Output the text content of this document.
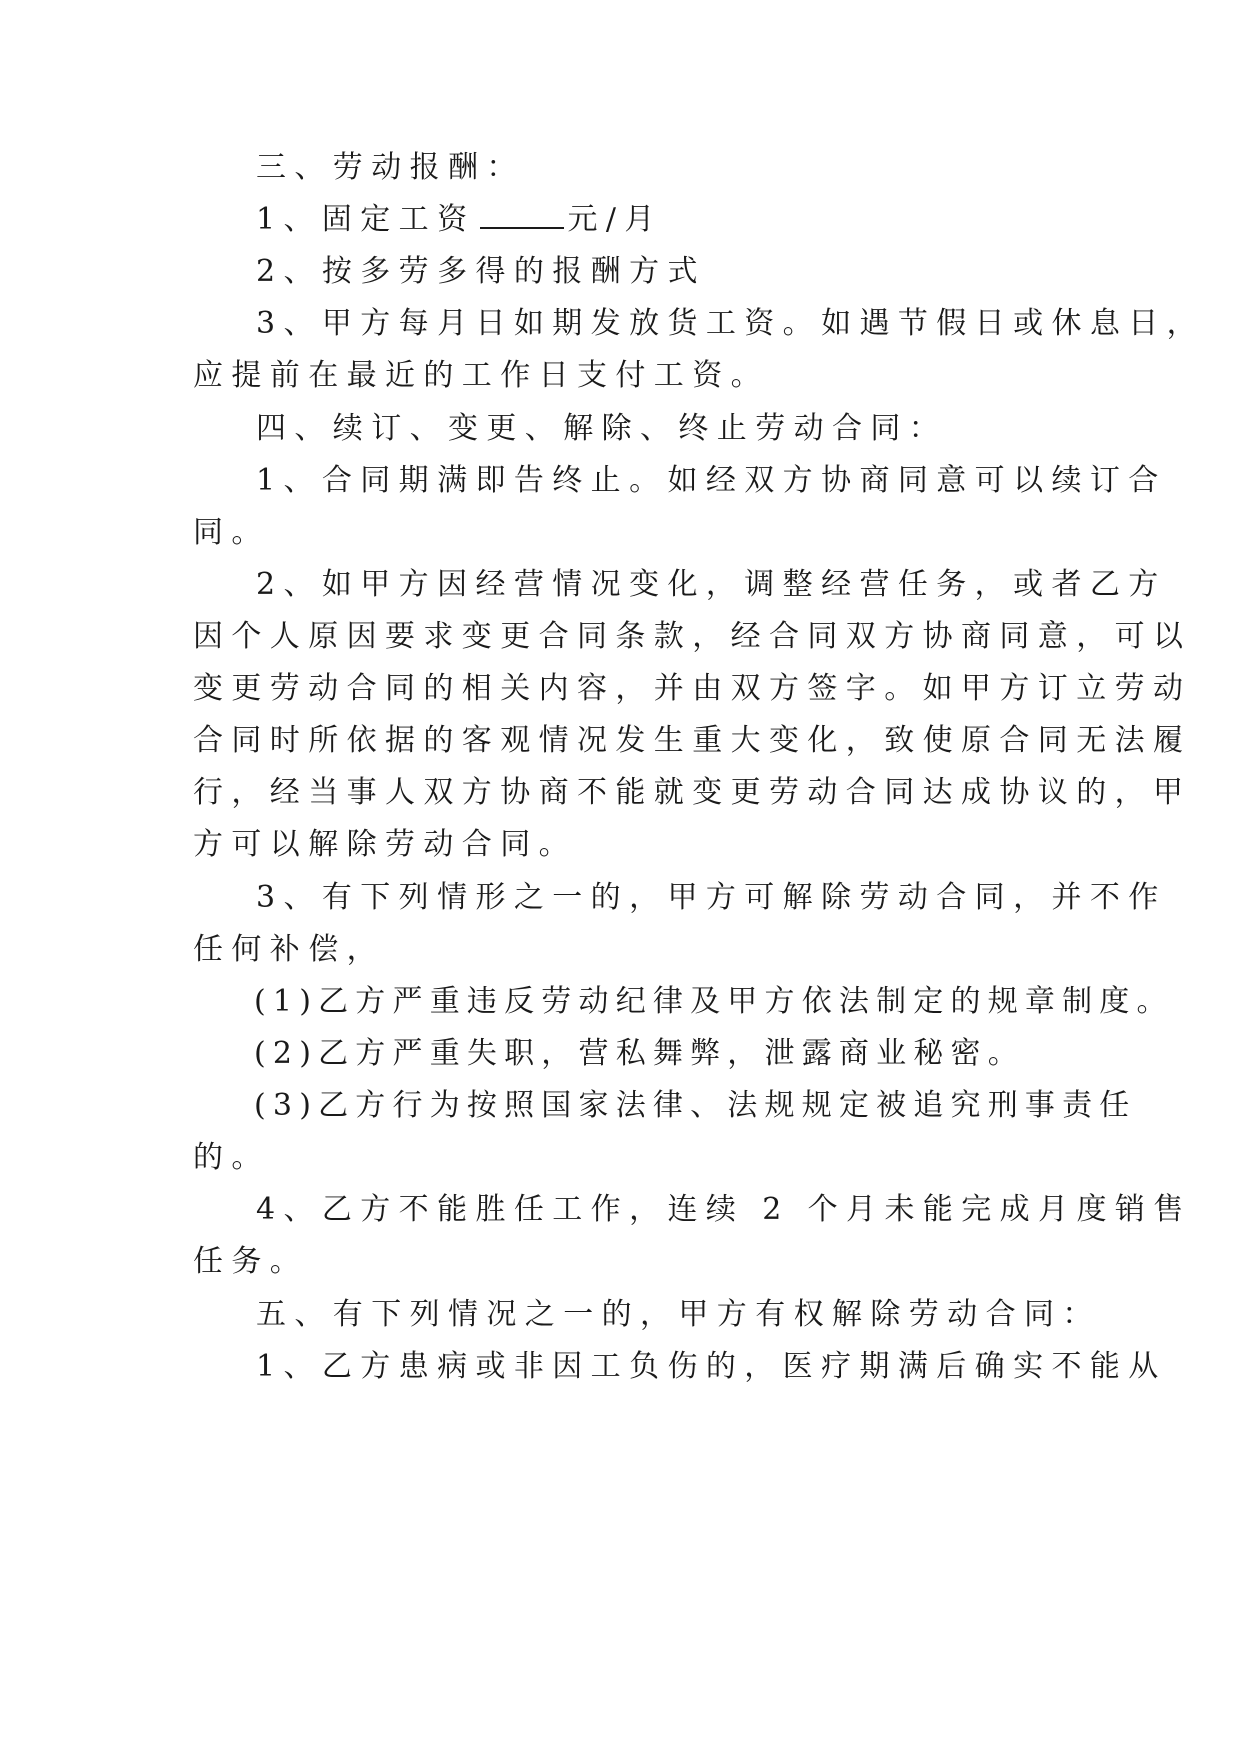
三、劳动报酬：
1、固定工资	元/月
2、按多劳多得的报酬方式
3、甲方每月日如期发放货工资。如遇节假日或休息日，
应提前在最近的工作日支付工资。
四、续订、变更、解除、终止劳动合同：
1、合同期满即告终止。如经双方协商同意可以续订合
同。
2、如甲方因经营情况变化，调整经营任务，或者乙方
因个人原因要求变更合同条款，经合同双方协商同意，可以
变更劳动合同的相关内容，并由双方签字。如甲方订立劳动
合同时所依据的客观情况发生重大变化，致使原合同无法履
行，经当事人双方协商不能就变更劳动合同达成协议的，甲
方可以解除劳动合同。
3、有下列情形之一的，甲方可解除劳动合同，并不作
任何补偿，
(1)乙方严重违反劳动纪律及甲方依法制定的规章制度。
(2)乙方严重失职，营私舞弊，泄露商业秘密。
(3)乙方行为按照国家法律、法规规定被追究刑事责任
的。
4、乙方不能胜任工作，连续 2 个月未能完成月度销售
任务。
五、有下列情况之一的，甲方有权解除劳动合同：
1、乙方患病或非因工负伤的，医疗期满后确实不能从
